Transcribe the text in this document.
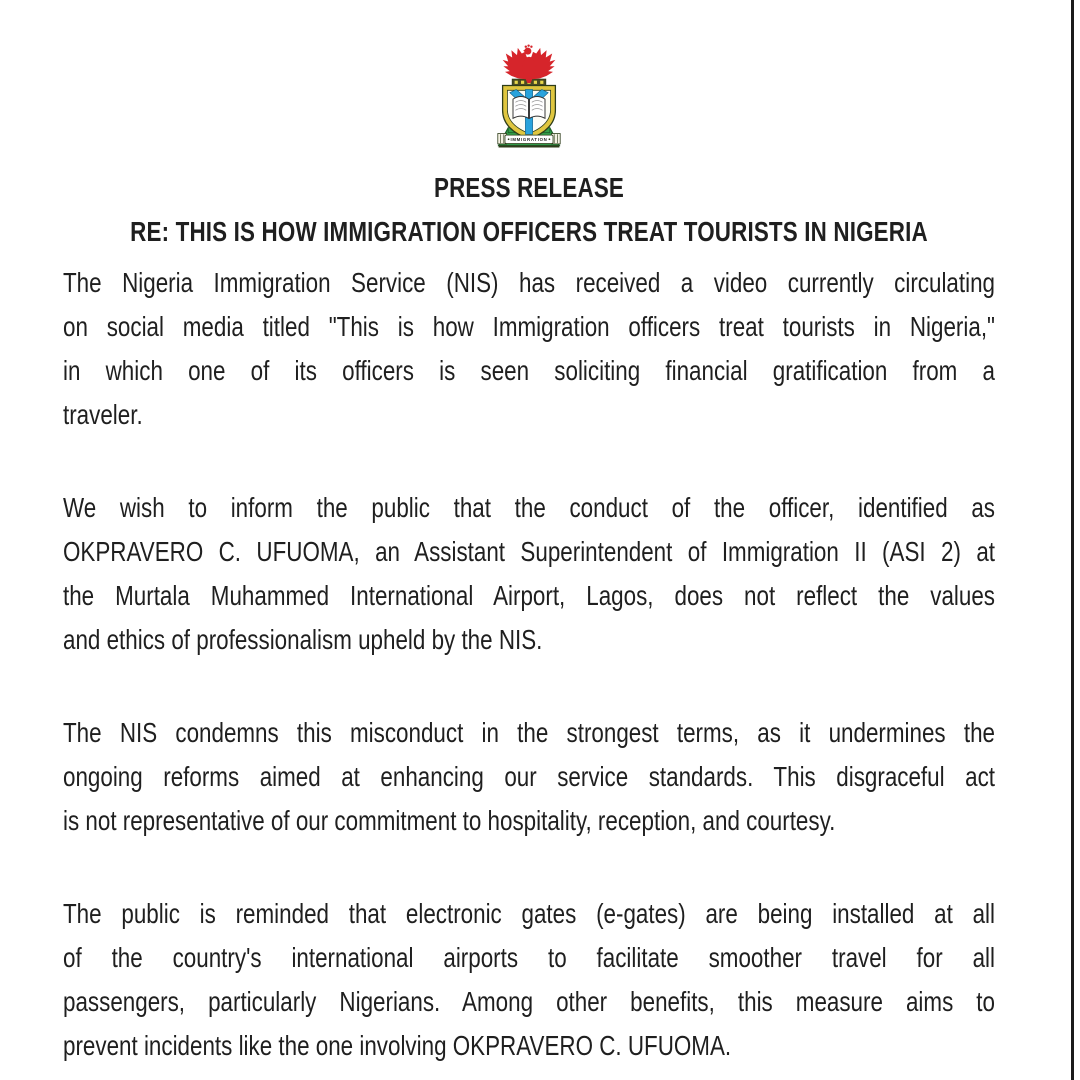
IMMIGRATION
PRESS RELEASE
RE: THIS IS HOW IMMIGRATION OFFICERS TREAT TOURISTS IN NIGERIA
The Nigeria Immigration Service (NIS) has received a video currently circulating
on social media titled "This is how Immigration officers treat tourists in Nigeria,"
in which one of its officers is seen soliciting financial gratification from a
traveler.
We wish to inform the public that the conduct of the officer, identified as
OKPRAVERO C. UFUOMA, an Assistant Superintendent of Immigration II (ASI 2) at
the Murtala Muhammed International Airport, Lagos, does not reflect the values
and ethics of professionalism upheld by the NIS.
The NIS condemns this misconduct in the strongest terms, as it undermines the
ongoing reforms aimed at enhancing our service standards. This disgraceful act
is not representative of our commitment to hospitality, reception, and courtesy.
The public is reminded that electronic gates (e-gates) are being installed at all
of the country's international airports to facilitate smoother travel for all
passengers, particularly Nigerians. Among other benefits, this measure aims to
prevent incidents like the one involving OKPRAVERO C. UFUOMA.
